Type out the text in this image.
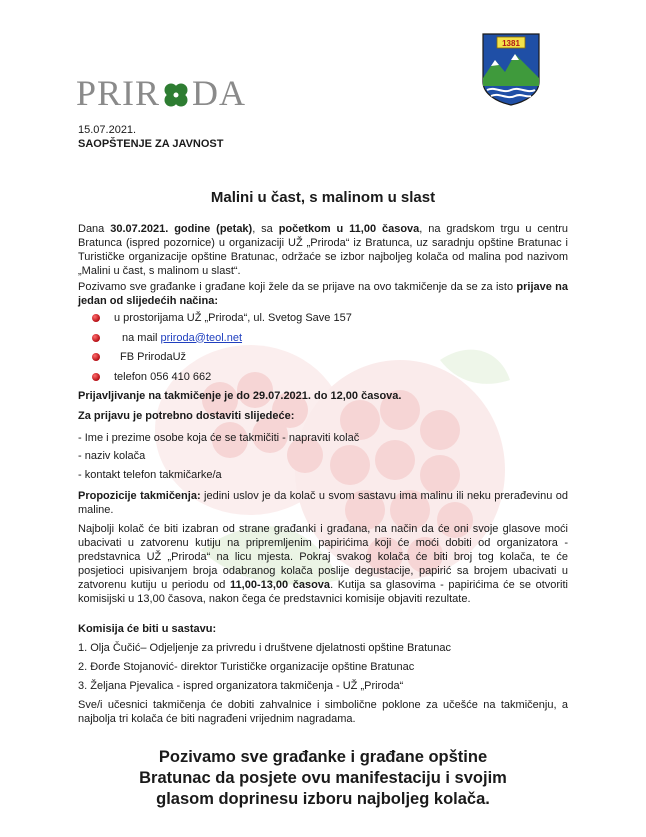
PRIR DA
1381
15.07.2021.
SAOPŠTENJE ZA JAVNOST
Malini u čast, s malinom u slast
Dana 30.07.2021. godine (petak), sa početkom u 11,00 časova, na gradskom trgu u centru Bratunca (ispred pozornice) u organizaciji UŽ „Priroda“ iz Bratunca, uz saradnju opštine Bratunac i Turističke organizacije opštine Bratunac, održaće se izbor najboljeg kolača od malina pod nazivom „Malini u čast, s malinom u slast“.
Pozivamo sve građanke i građane koji žele da se prijave na ovo takmičenje da se za isto prijave na jedan od slijedećih načina:
u prostorijama UŽ „Priroda“, ul. Svetog Save 157
na mail priroda@teol.net
FB PrirodaUž
telefon 056 410 662
Prijavljivanje na takmičenje je do 29.07.2021. do 12,00 časova.
Za prijavu je potrebno dostaviti slijedeće:
- Ime i prezime osobe koja će se takmičiti - napraviti kolač
- naziv kolača
- kontakt telefon takmičarke/a
Propozicije takmičenja: jedini uslov je da kolač u svom sastavu ima malinu ili neku prerađevinu od maline.
Najbolji kolač će biti izabran od strane građanki i građana, na način da će oni svoje glasove moći ubacivati u zatvorenu kutiju na pripremljenim papirićima koji će moći dobiti od organizatora - predstavnica UŽ „Priroda“ na licu mjesta. Pokraj svakog kolača će biti broj tog kolača, te će posjetioci upisivanjem broja odabranog kolača poslije degustacije, papirić sa brojem ubacivati u zatvorenu kutiju u periodu od 11,00-13,00 časova. Kutija sa glasovima - papirićima će se otvoriti komisijski u 13,00 časova, nakon čega će predstavnici komisije objaviti rezultate.
Komisija će biti u sastavu:
1. Olja Čučić– Odjeljenje za privredu i društvene djelatnosti opštine Bratunac
2. Đorđe Stojanović- direktor Turističke organizacije opštine Bratunac
3. Željana Pjevalica - ispred organizatora takmičenja - UŽ „Priroda“
Sve/i učesnici takmičenja će dobiti zahvalnice i simbolične poklone za učešće na takmičenju, a najbolja tri kolača će biti nagrađeni vrijednim nagradama.
Pozivamo sve građanke i građane opštine
Bratunac da posjete ovu manifestaciju i svojim
glasom doprinesu izboru najboljeg kolača.
